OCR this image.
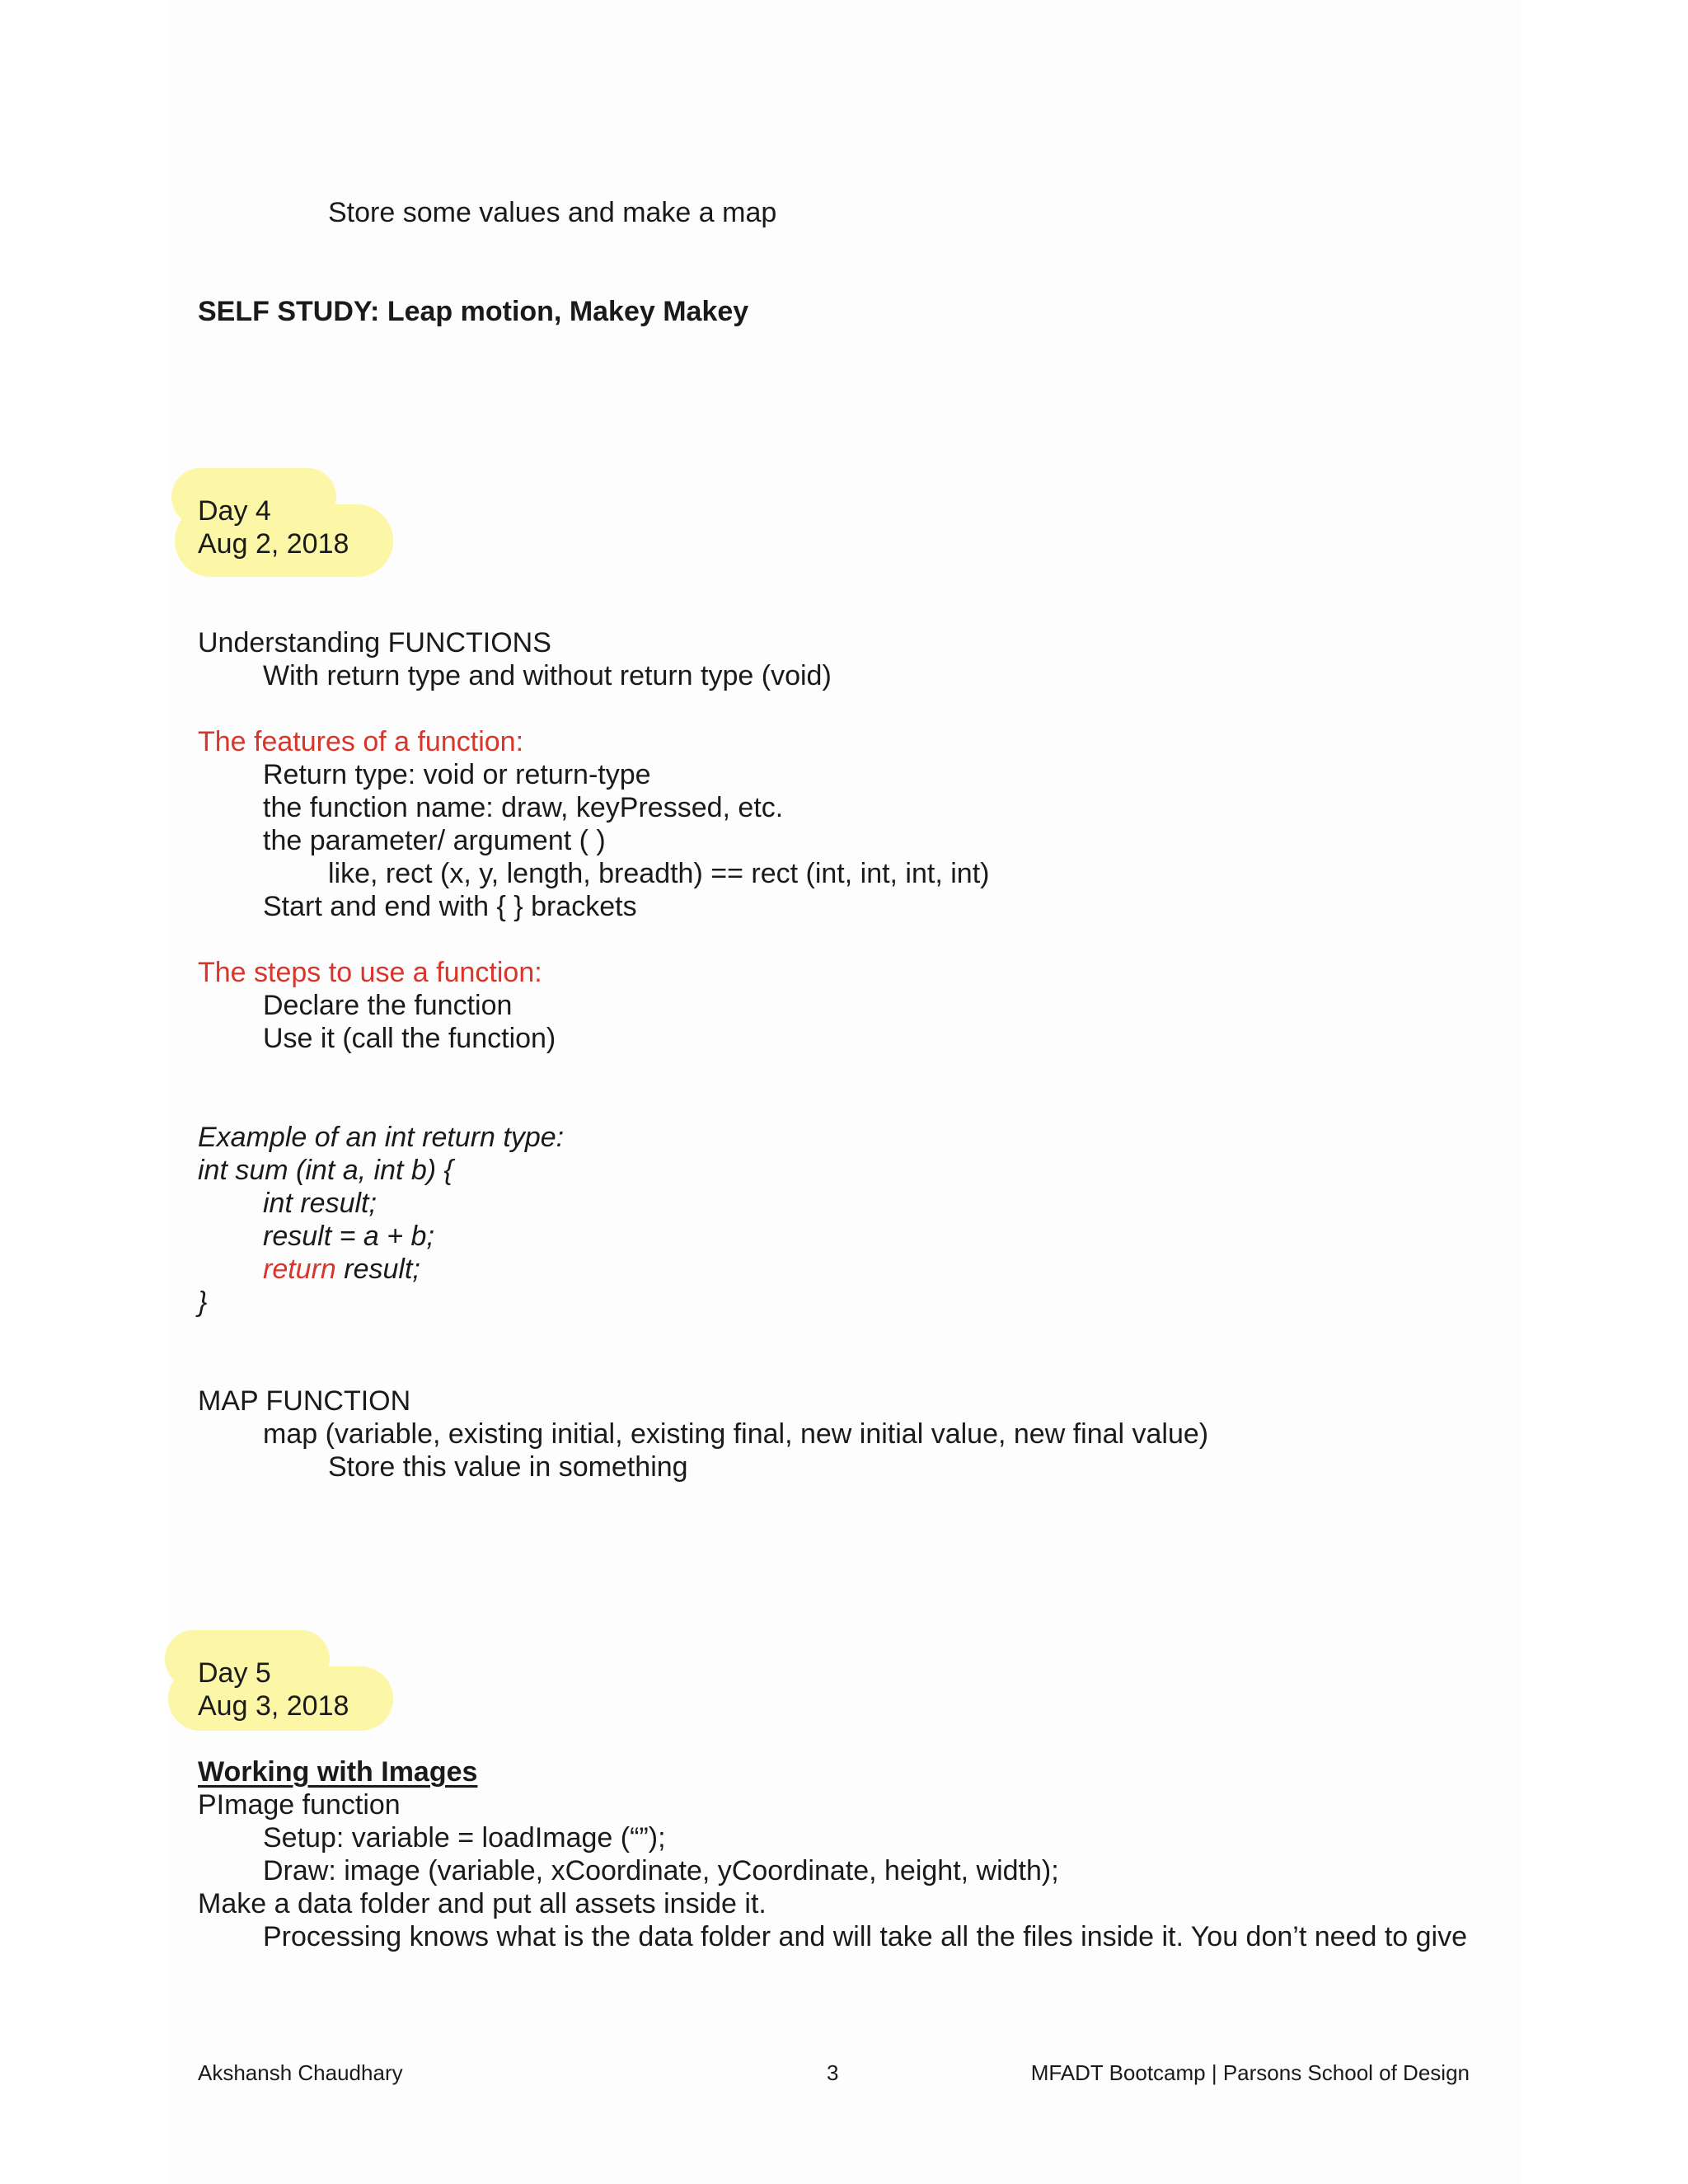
Store some values and make a map
SELF STUDY: Leap motion, Makey Makey
Day 4
Aug 2, 2018
Understanding FUNCTIONS
With return type and without return type (void)
The features of a function:
Return type: void or return-type
the function name: draw, keyPressed, etc.
the parameter/ argument ( )
like, rect (x, y, length, breadth) == rect (int, int, int, int)
Start and end with { } brackets
The steps to use a function:
Declare the function
Use it (call the function)
Example of an int return type:
int sum (int a, int b) {
int result;
result = a + b;
return result;
}
MAP FUNCTION
map (variable, existing initial, existing final, new initial value, new final value)
Store this value in something
Day 5
Aug 3, 2018
Working with Images
PImage function
Setup: variable = loadImage (“”);
Draw: image (variable, xCoordinate, yCoordinate, height, width);
Make a data folder and put all assets inside it.
Processing knows what is the data folder and will take all the files inside it. You don’t need to give
Akshansh Chaudhary	3	MFADT Bootcamp | Parsons School of Design
